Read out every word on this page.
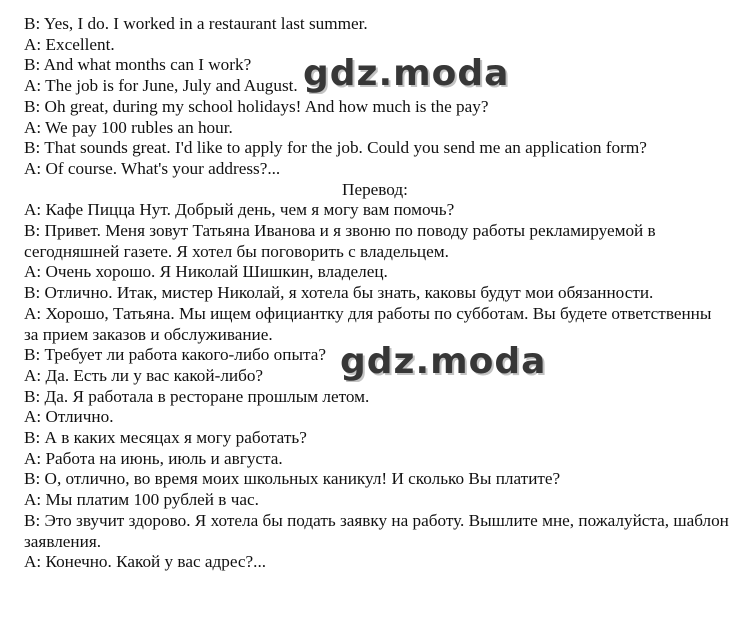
B: Yes, I do. I worked in a restaurant last summer.

A: Excellent.

B: And what months can I work?

A: The job is for June, July and August.

B: Oh great, during my school holidays! And how much is the pay?

A: We pay 100 rubles an hour.

B: That sounds great. I'd like to apply for the job. Could you send me an application form?

A: Of course. What's your address?...

Перевод:

А: Кафе Пицца Нут. Добрый день, чем я могу вам помочь?

В: Привет. Меня зовут Татьяна Иванова и я звоню по поводу работы рекламируемой в сегодняшней газете. Я хотел бы поговорить с владельцем.

А: Очень хорошо. Я Николай Шишкин, владелец.

В: Отлично. Итак, мистер Николай, я хотела бы знать, каковы будут мои обязанности.

А: Хорошо, Татьяна. Мы ищем официантку для работы по субботам. Вы будете ответственны за прием заказов и обслуживание.

В: Требует ли работа какого-либо опыта?

А: Да. Есть ли у вас какой-либо?

В: Да. Я работала в ресторане прошлым летом.

А: Отлично.

В: А в каких месяцах я могу работать?

А: Работа на июнь, июль и августа.

В: О, отлично, во время моих школьных каникул! И сколько Вы платите?

А: Мы платим 100 рублей в час.

В: Это звучит здорово. Я хотела бы подать заявку на работу. Вышлите мне, пожалуйста, шаблон заявления.

А: Конечно. Какой у вас адрес?...

gdz.moda
gdz.moda
